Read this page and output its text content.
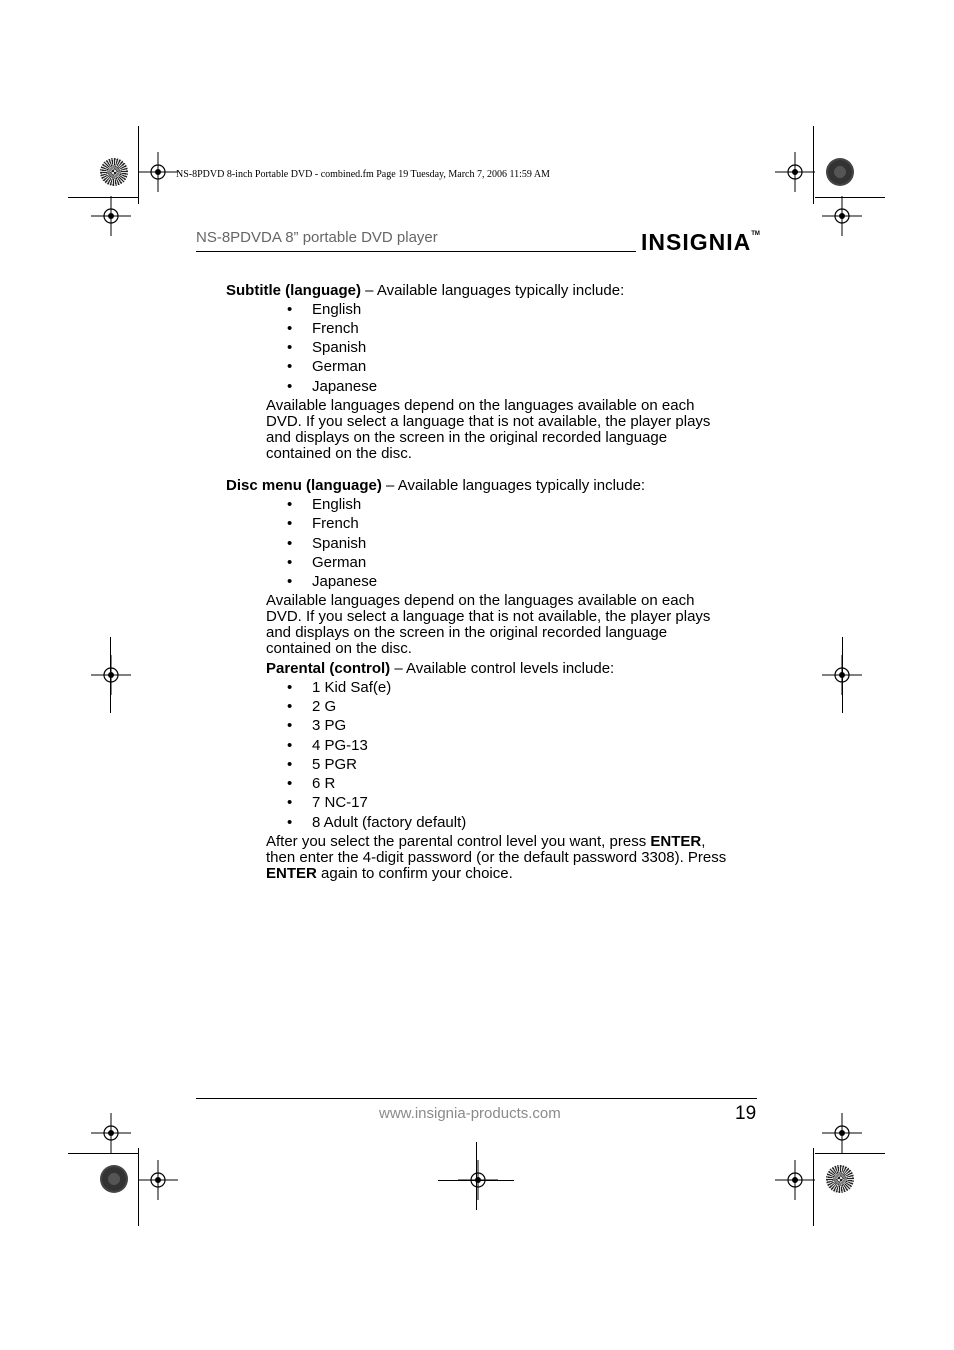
NS-8PDVD 8-inch Portable DVD - combined.fm Page 19 Tuesday, March 7, 2006 11:59 AM
NS-8PDVDA 8” portable DVD player	INSIGNIA™
Subtitle (language) – Available languages typically include:
• English
• French
• Spanish
• German
• Japanese
Available languages depend on the languages available on each
DVD. If you select a language that is not available, the player plays
and displays on the screen in the original recorded language
contained on the disc.
Disc menu (language) – Available languages typically include:
• English
• French
• Spanish
• German
• Japanese
Available languages depend on the languages available on each
DVD. If you select a language that is not available, the player plays
and displays on the screen in the original recorded language
contained on the disc.
Parental (control) – Available control levels include:
• 1 Kid Saf(e)
• 2 G
• 3 PG
• 4 PG-13
• 5 PGR
• 6 R
• 7 NC-17
• 8 Adult (factory default)
After you select the parental control level you want, press ENTER,
then enter the 4-digit password (or the default password 3308). Press
ENTER again to confirm your choice.
www.insignia-products.com	19
